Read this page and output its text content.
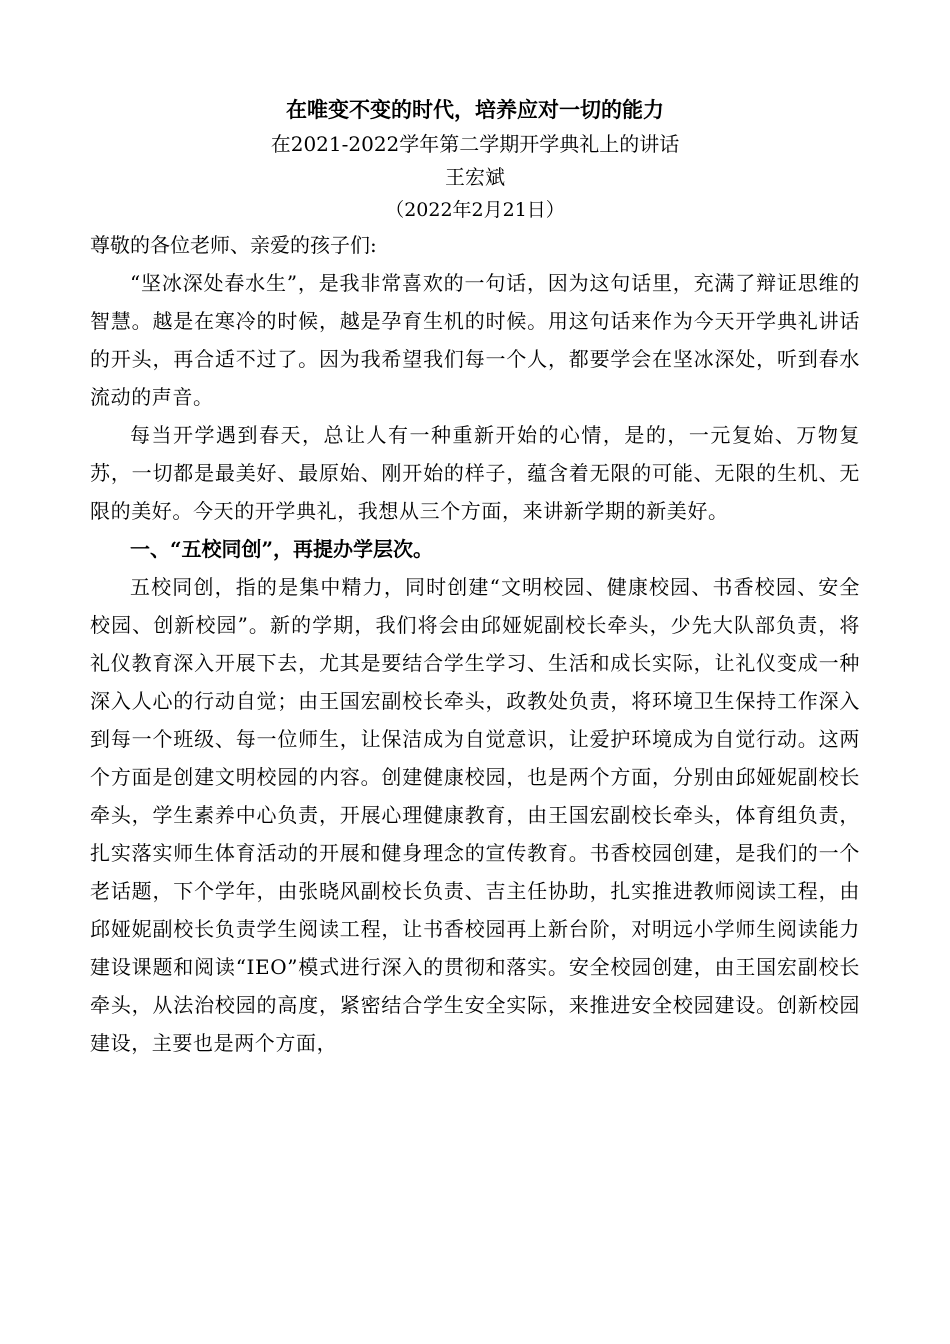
在唯变不变的时代，培养应对一切的能力

在2021-2022学年第二学期开学典礼上的讲话

王宏斌

（2022年2月21日）

尊敬的各位老师、亲爱的孩子们:

“坚冰深处春水生”，是我非常喜欢的一句话，因为这句话里，充满了辩证思维的智慧。越是在寒冷的时候，越是孕育生机的时候。用这句话来作为今天开学典礼讲话的开头，再合适不过了。因为我希望我们每一个人，都要学会在坚冰深处，听到春水流动的声音。

每当开学遇到春天，总让人有一种重新开始的心情，是的，一元复始、万物复苏，一切都是最美好、最原始、刚开始的样子，蕴含着无限的可能、无限的生机、无限的美好。今天的开学典礼，我想从三个方面，来讲新学期的新美好。

一、“五校同创”，再提办学层次。

五校同创，指的是集中精力，同时创建“文明校园、健康校园、书香校园、安全校园、创新校园”。新的学期，我们将会由邱娅妮副校长牵头，少先大队部负责，将礼仪教育深入开展下去，尤其是要结合学生学习、生活和成长实际，让礼仪变成一种深入人心的行动自觉；由王国宏副校长牵头，政教处负责，将环境卫生保持工作深入到每一个班级、每一位师生，让保洁成为自觉意识，让爱护环境成为自觉行动。这两个方面是创建文明校园的内容。创建健康校园，也是两个方面，分别由邱娅妮副校长牵头，学生素养中心负责，开展心理健康教育，由王国宏副校长牵头，体育组负责，扎实落实师生体育活动的开展和健身理念的宣传教育。书香校园创建，是我们的一个老话题，下个学年，由张晓风副校长负责、吉主任协助，扎实推进教师阅读工程，由邱娅妮副校长负责学生阅读工程，让书香校园再上新台阶，对明远小学师生阅读能力建设课题和阅读“IEO”模式进行深入的贯彻和落实。安全校园创建，由王国宏副校长牵头，从法治校园的高度，紧密结合学生安全实际，来推进安全校园建设。创新校园建设，主要也是两个方面，
